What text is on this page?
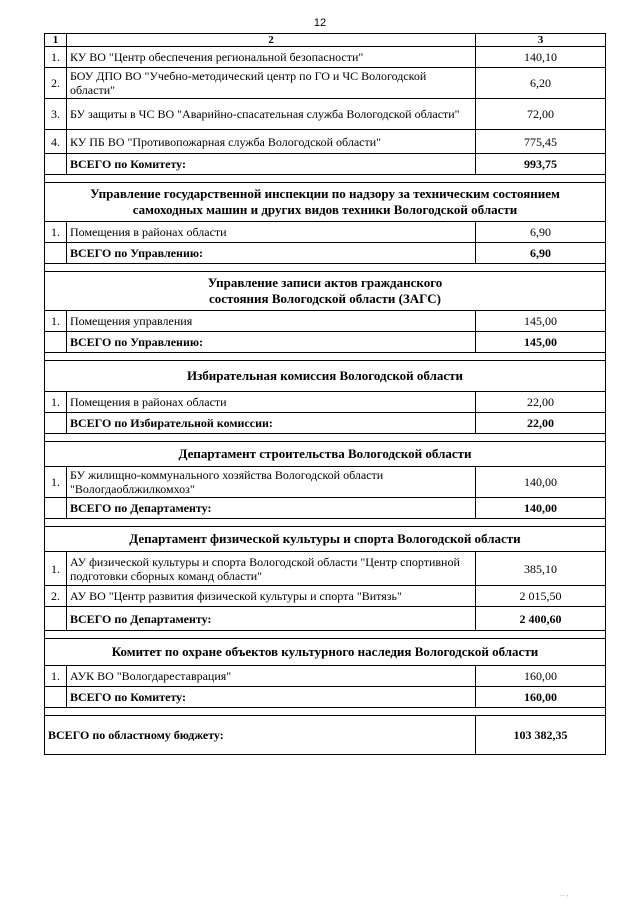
12
1	2	3
1.	КУ ВО "Центр обеспечения региональной безопасности"	140,10
2.	БОУ ДПО ВО "Учебно-методический центр по ГО и ЧС Вологодской области"	6,20
3.	БУ защиты в ЧС ВО "Аварийно-спасательная служба Вологодской области"	72,00
4.	КУ ПБ ВО "Противопожарная служба Вологодской области"	775,45
	ВСЕГО по Комитету:	993,75

Управление государственной инспекции по надзору за техническим состоянием самоходных машин и других видов техники Вологодской области		
1.	Помещения в районах области	6,90
	ВСЕГО по Управлению:	6,90

Управление записи актов гражданского состояния Вологодской области (ЗАГС)		
1.	Помещения управления	145,00
	ВСЕГО по Управлению:	145,00

Избирательная комиссия Вологодской области		
1.	Помещения в районах области	22,00
	ВСЕГО по Избирательной комиссии:	22,00

Департамент строительства Вологодской области		
1.	БУ жилищно-коммунального хозяйства Вологодской области "Вологдаоблжилкомхоз"	140,00
	ВСЕГО по Департаменту:	140,00

Департамент физической культуры и спорта Вологодской области		
1.	АУ физической культуры и спорта Вологодской области "Центр спортивной подготовки сборных команд области"	385,10
2.	АУ ВО "Центр развития физической культуры и спорта "Витязь"	2 015,50
	ВСЕГО по Департаменту:	2 400,60

Комитет по охране объектов культурного наследия Вологодской области		
1.	АУК ВО "Вологдареставрация"	160,00
	ВСЕГО по Комитету:	160,00

ВСЕГО по областному бюджету:		103 382,35
… ,
